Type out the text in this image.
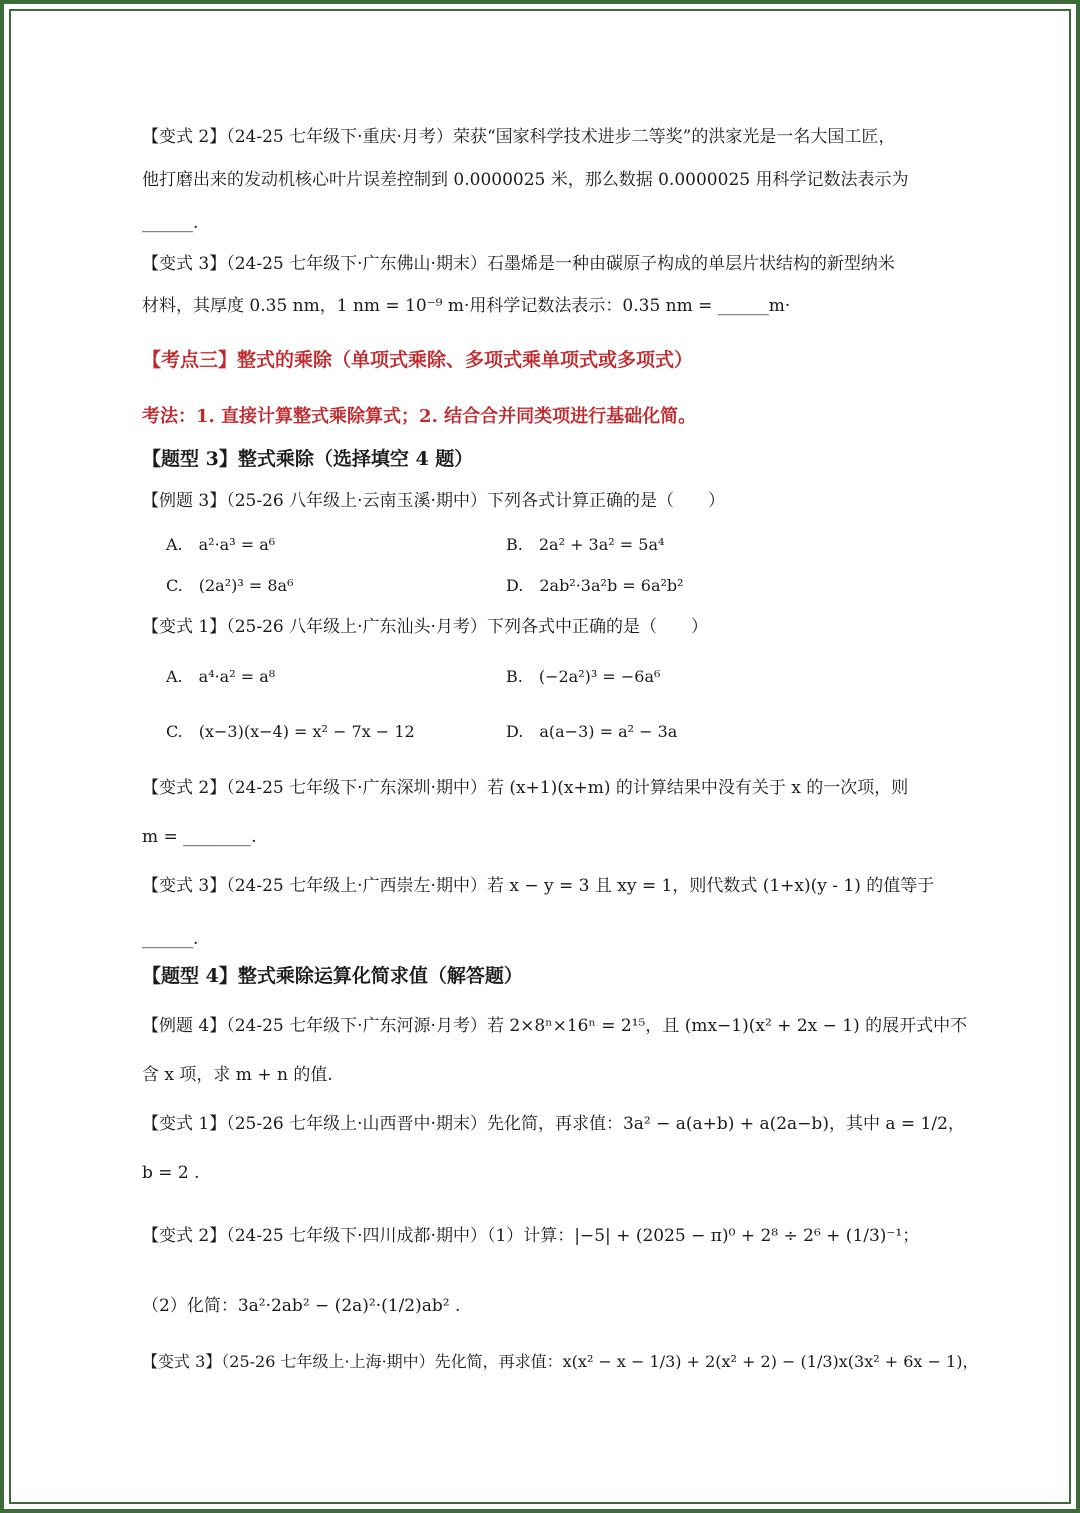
【变式 2】（24-25 七年级下·重庆·月考）荣获“国家科学技术进步二等奖”的洪家光是一名大国工匠，
他打磨出来的发动机核心叶片误差控制到 0.0000025 米，那么数据 0.0000025 用科学记数法表示为
______.
【变式 3】（24-25 七年级下·广东佛山·期末）石墨烯是一种由碳原子构成的单层片状结构的新型纳米
材料，其厚度 0.35 nm，1 nm = 10⁻⁹ m·用科学记数法表示：0.35 nm = ______m·
【考点三】整式的乘除（单项式乘除、多项式乘单项式或多项式）
考法：1. 直接计算整式乘除算式；2. 结合合并同类项进行基础化简。
【题型 3】整式乘除（选择填空 4 题）
【例题 3】（25-26 八年级上·云南玉溪·期中）下列各式计算正确的是（　　）
A.　a²·a³ = a⁶	B.　2a² + 3a² = 5a⁴
C.　(2a²)³ = 8a⁶	D.　2ab²·3a²b = 6a²b²
【变式 1】（25-26 八年级上·广东汕头·月考）下列各式中正确的是（　　）
A.　a⁴·a² = a⁸	B.　(−2a²)³ = −6a⁶
C.　(x−3)(x−4) = x² − 7x − 12	D.　a(a−3) = a² − 3a
【变式 2】（24-25 七年级下·广东深圳·期中）若 (x+1)(x+m) 的计算结果中没有关于 x 的一次项，则
m = ________.
【变式 3】（24-25 七年级上·广西崇左·期中）若 x − y = 3 且 xy = 1，则代数式 (1+x)(y - 1) 的值等于
______.
【题型 4】整式乘除运算化简求值（解答题）
【例题 4】（24-25 七年级下·广东河源·月考）若 2×8ⁿ×16ⁿ = 2¹⁵，且 (mx−1)(x² + 2x − 1) 的展开式中不
含 x 项，求 m + n 的值.
【变式 1】（25-26 七年级上·山西晋中·期末）先化简，再求值：3a² − a(a+b) + a(2a−b)，其中 a = 1/2，
b = 2 .
【变式 2】（24-25 七年级下·四川成都·期中）（1）计算：|−5| + (2025 − π)⁰ + 2⁸ ÷ 2⁶ + (1/3)⁻¹；
（2）化简：3a²·2ab² − (2a)²·(1/2)ab² .
【变式 3】（25-26 七年级上·上海·期中）先化简，再求值：x(x² − x − 1/3) + 2(x² + 2) − (1/3)x(3x² + 6x − 1)，
